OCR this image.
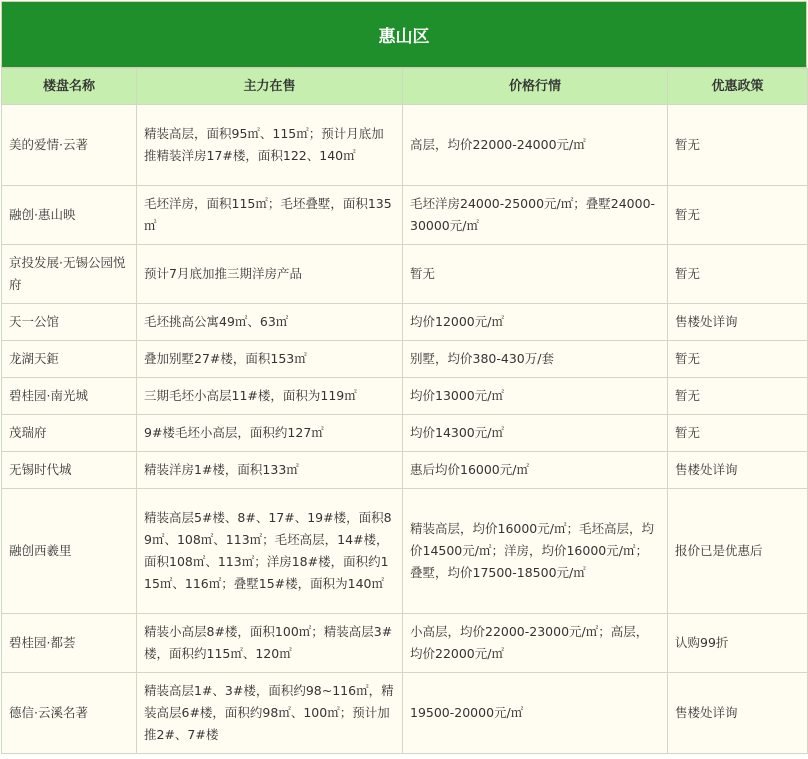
惠山区
楼盘名称	主力在售	价格行情	优惠政策
美的爱情·云著	精装高层，面积95㎡、115㎡；预计月底加推精装洋房17#楼，面积122、140㎡	高层，均价22000-24000元/㎡	暂无
融创·惠山映	毛坯洋房，面积115㎡；毛坯叠墅，面积135㎡	毛坯洋房24000-25000元/㎡；叠墅24000-30000元/㎡	暂无
京投发展·无锡公园悦府	预计7月底加推三期洋房产品	暂无	暂无
天一公馆	毛坯挑高公寓49㎡、63㎡	均价12000元/㎡	售楼处详询
龙湖天鉅	叠加别墅27#楼，面积153㎡	别墅，均价380-430万/套	暂无
碧桂园·南光城	三期毛坯小高层11#楼，面积为119㎡	均价13000元/㎡	暂无
茂瑞府	9#楼毛坯小高层，面积约127㎡	均价14300元/㎡	暂无
无锡时代城	精装洋房1#楼，面积133㎡	惠后均价16000元/㎡	售楼处详询
融创西羲里	精装高层5#楼、8#、17#、19#楼，面积89㎡、108㎡、113㎡；毛坯高层，14#楼，面积108㎡、113㎡；洋房18#楼，面积约115㎡、116㎡；叠墅15#楼，面积为140㎡	精装高层，均价16000元/㎡；毛坯高层，均价14500元/㎡；洋房，均价16000元/㎡；叠墅，均价17500-18500元/㎡	报价已是优惠后
碧桂园·都荟	精装小高层8#楼，面积100㎡；精装高层3#楼，面积约115㎡、120㎡	小高层，均价22000-23000元/㎡；高层，均价22000元/㎡	认购99折
德信·云溪名著	精装高层1#、3#楼，面积约98~116㎡，精装高层6#楼，面积约98㎡、100㎡；预计加推2#、7#楼	19500-20000元/㎡	售楼处详询
